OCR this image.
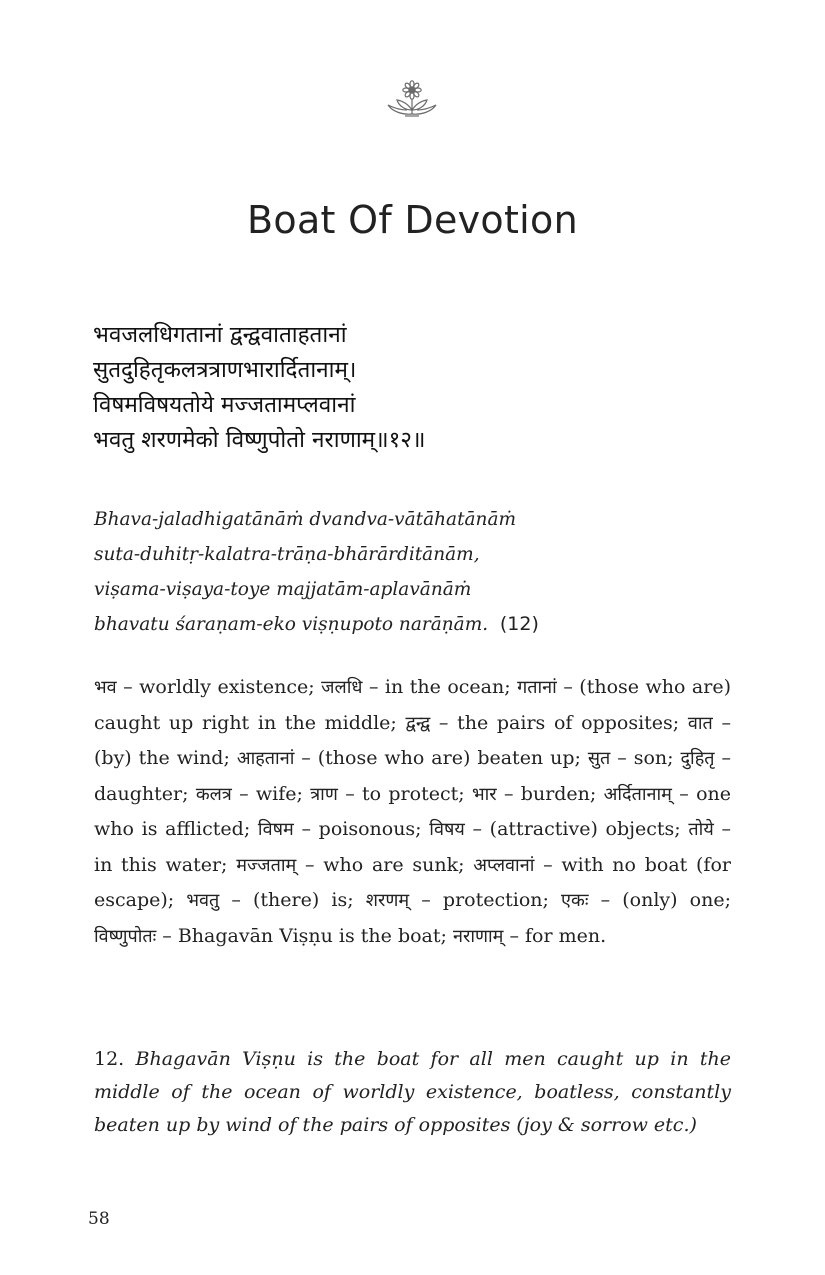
Boat Of Devotion
भवजलधिगतानां द्वन्द्ववाताहतानां
सुतदुहितृकलत्रत्राणभारार्दितानाम्।
विषमविषयतोये मज्जतामप्लवानां
भवतु शरणमेको विष्णुपोतो नराणाम्॥१२॥
Bhava-jaladhigatānāṁ dvandva-vātāhatānāṁ
suta-duhitṛ-kalatra-trāṇa-bhārārditānām,
viṣama-viṣaya-toye majjatām-aplavānāṁ
bhavatu śaraṇam-eko viṣṇupoto narāṇām. (12)
भव – worldly existence; जलधि – in the ocean; गतानां – (those who are) caught up right in the middle; द्वन्द्व – the pairs of opposites; वात – (by) the wind; आहतानां – (those who are) beaten up; सुत – son; दुहितृ – daughter; कलत्र – wife; त्राण – to protect; भार – burden; अर्दितानाम् – one who is afflicted; विषम – poisonous; विषय – (attractive) objects; तोये – in this water; मज्जताम् – who are sunk; अप्लवानां – with no boat (for escape); भवतु – (there) is; शरणम् – protection; एकः – (only) one; विष्णुपोतः – Bhagavān Viṣṇu is the boat; नराणाम् – for men.
12. Bhagavān Viṣṇu is the boat for all men caught up in the middle of the ocean of worldly existence, boatless, constantly beaten up by wind of the pairs of opposites (joy & sorrow etc.)
58
